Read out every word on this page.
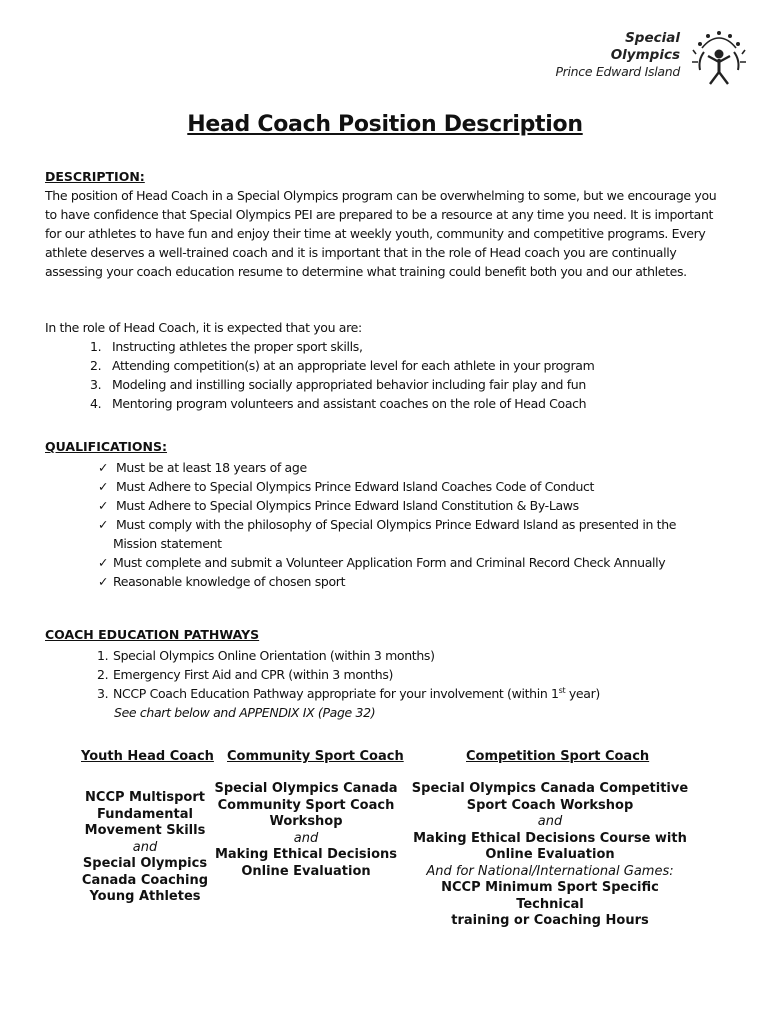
Special
Olympics
Prince Edward Island
Head Coach Position Description
DESCRIPTION:
The position of Head Coach in a Special Olympics program can be overwhelming to some, but we encourage you to have confidence that Special Olympics PEI are prepared to be a resource at any time you need. It is important for our athletes to have fun and enjoy their time at weekly youth, community and competitive programs. Every athlete deserves a well-trained coach and it is important that in the role of Head coach you are continually assessing your coach education resume to determine what training could benefit both you and our athletes.
In the role of Head Coach, it is expected that you are:
1. Instructing athletes the proper sport skills,
2. Attending competition(s) at an appropriate level for each athlete in your program
3. Modeling and instilling socially appropriated behavior including fair play and fun
4. Mentoring program volunteers and assistant coaches on the role of Head Coach
QUALIFICATIONS:
✓ Must be at least 18 years of age
✓ Must Adhere to Special Olympics Prince Edward Island Coaches Code of Conduct
✓ Must Adhere to Special Olympics Prince Edward Island Constitution & By-Laws
✓ Must comply with the philosophy of Special Olympics Prince Edward Island as presented in the
Mission statement
✓ Must complete and submit a Volunteer Application Form and Criminal Record Check Annually
✓ Reasonable knowledge of chosen sport
COACH EDUCATION PATHWAYS
1. Special Olympics Online Orientation (within 3 months)
2. Emergency First Aid and CPR (within 3 months)
3. NCCP Coach Education Pathway appropriate for your involvement (within 1st year)
See chart below and APPENDIX IX (Page 32)
Youth Head Coach Community Sport Coach	Competition Sport Coach
NCCP Multisport
Fundamental
Movement Skills
and
Special Olympics
Canada Coaching
Young Athletes
Special Olympics Canada
Community Sport Coach
Workshop
and
Making Ethical Decisions
Online Evaluation
Special Olympics Canada Competitive
Sport Coach Workshop
and
Making Ethical Decisions Course with
Online Evaluation
And for National/International Games:
NCCP Minimum Sport Specific Technical
training or Coaching Hours
